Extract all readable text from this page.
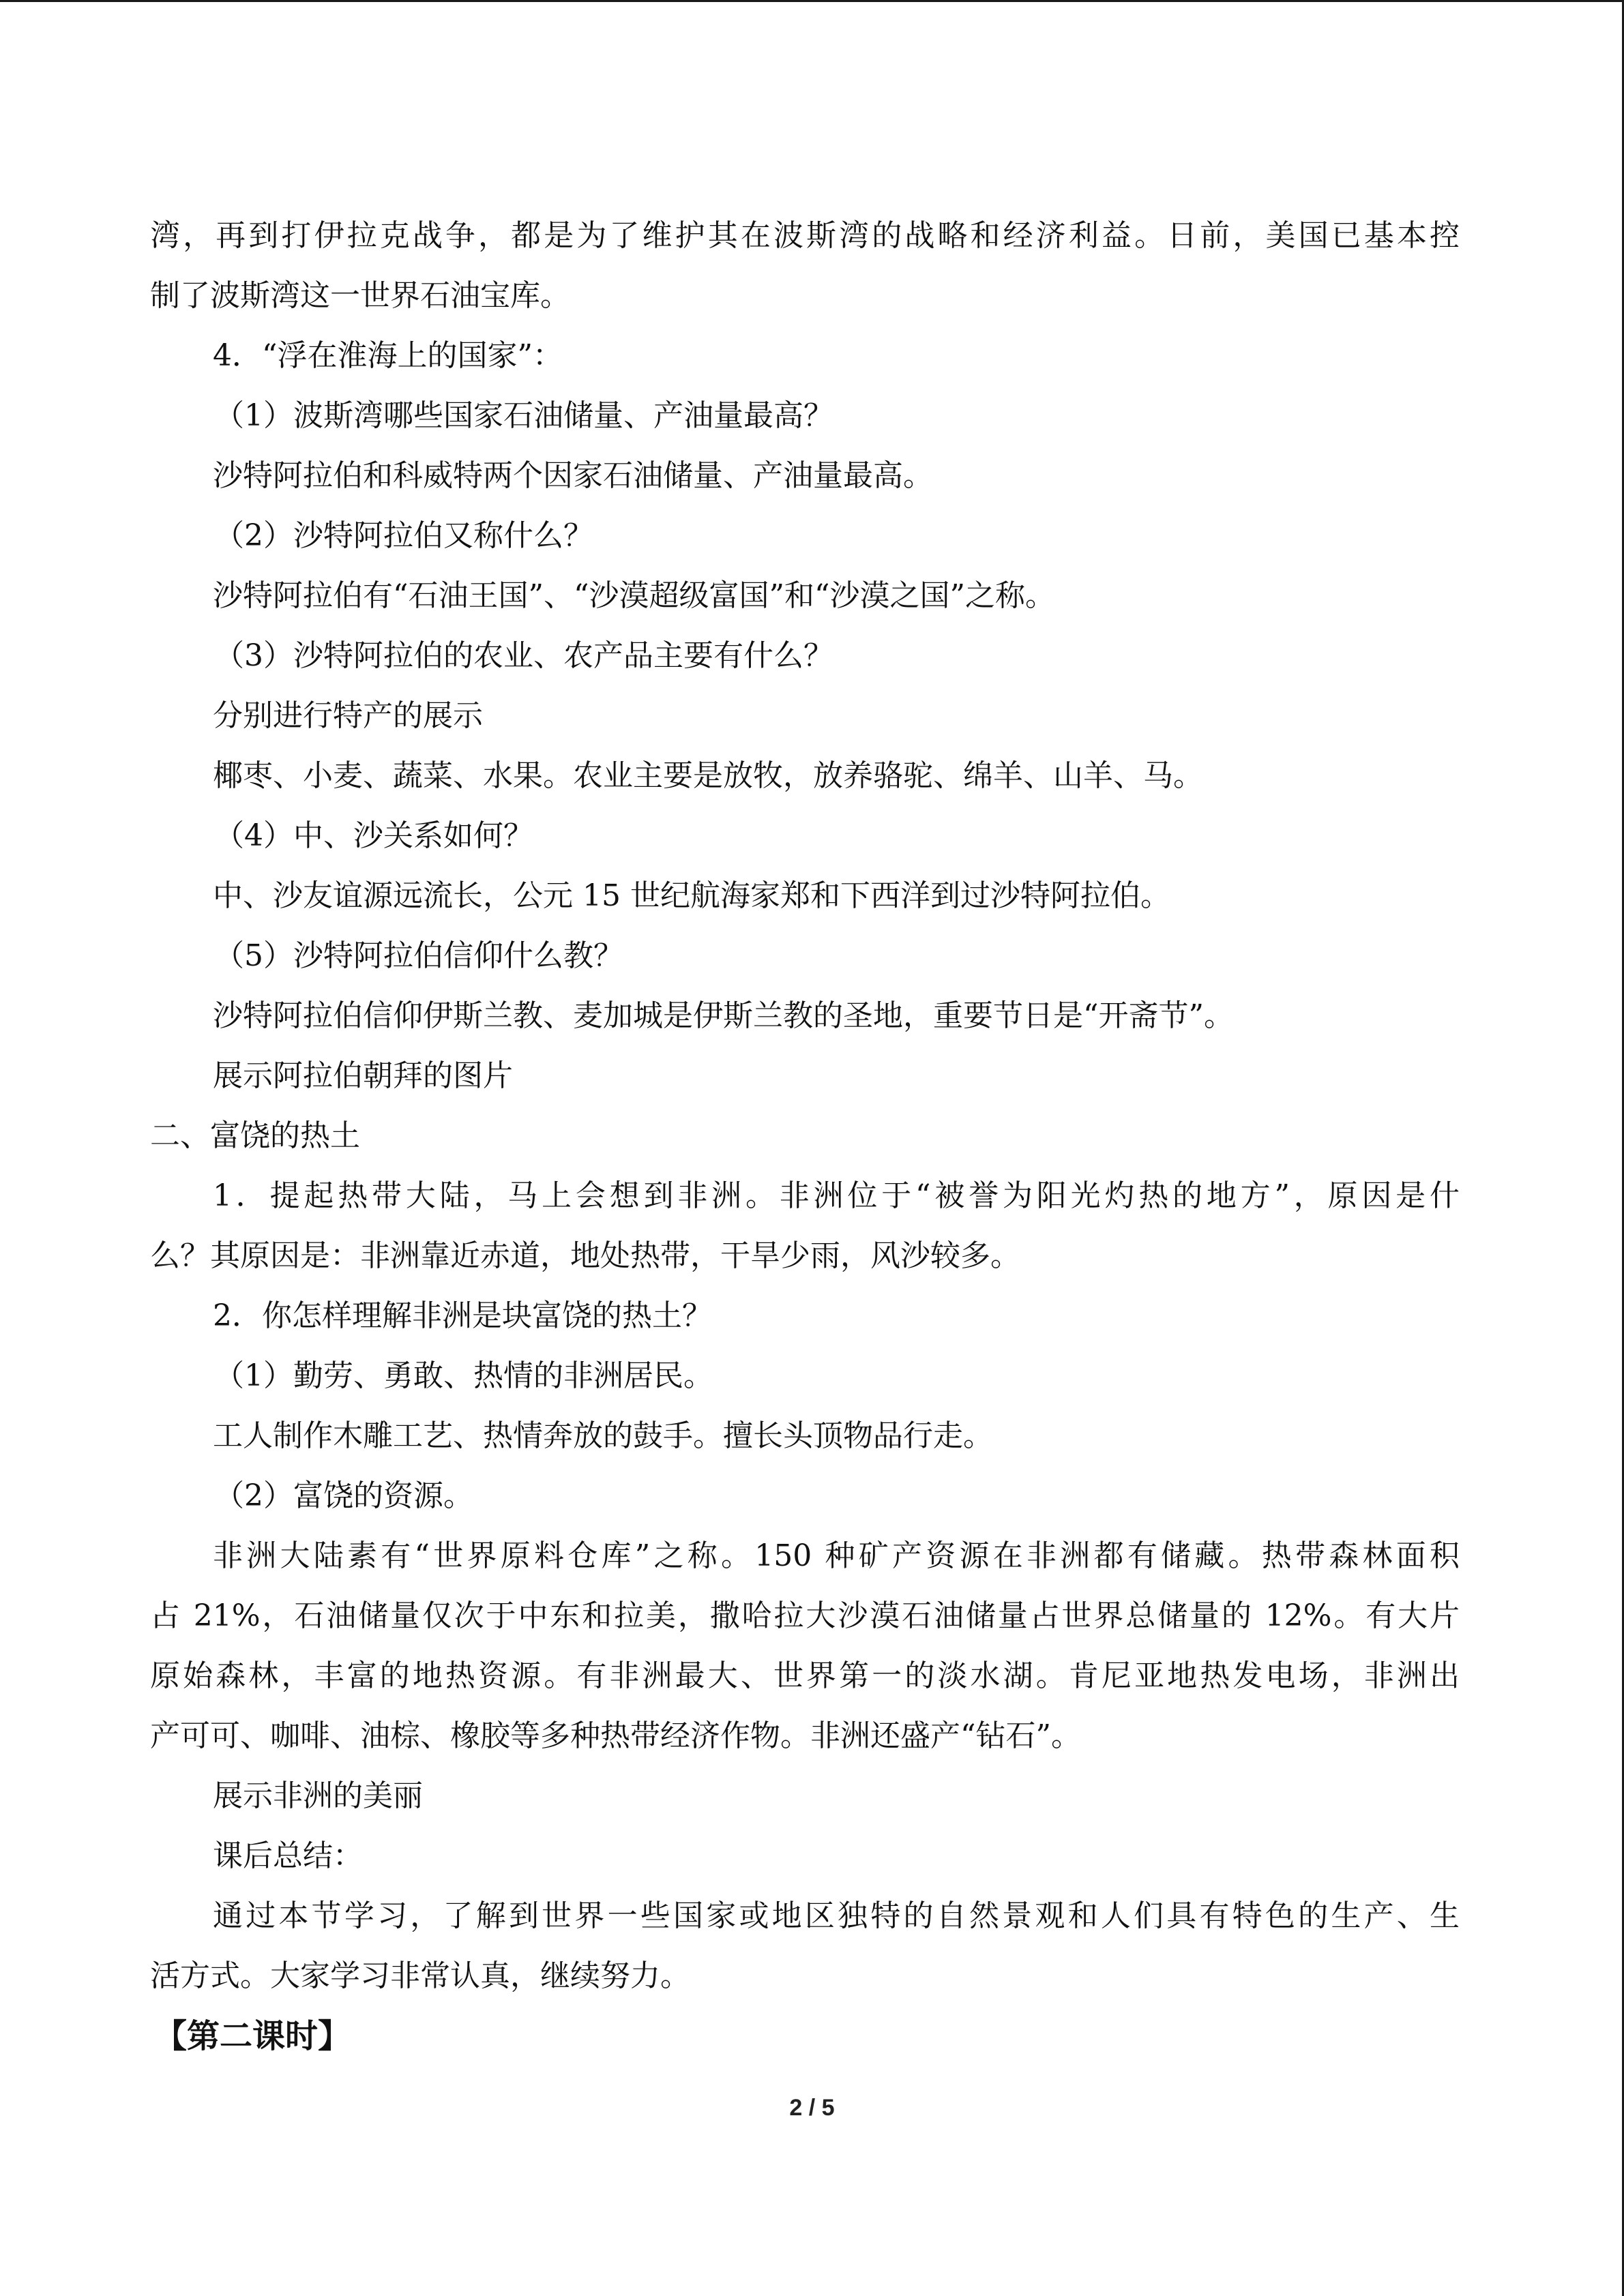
湾，再到打伊拉克战争，都是为了维护其在波斯湾的战略和经济利益。日前，美国已基本控
制了波斯湾这一世界石油宝库。
4．“浮在淮海上的国家”：
（1）波斯湾哪些国家石油储量、产油量最高？
沙特阿拉伯和科威特两个因家石油储量、产油量最高。
（2）沙特阿拉伯又称什么？
沙特阿拉伯有“石油王国”、“沙漠超级富国”和“沙漠之国”之称。
（3）沙特阿拉伯的农业、农产品主要有什么？
分别进行特产的展示
椰枣、小麦、蔬菜、水果。农业主要是放牧，放养骆驼、绵羊、山羊、马。
（4）中、沙关系如何？
中、沙友谊源远流长，公元 15 世纪航海家郑和下西洋到过沙特阿拉伯。
（5）沙特阿拉伯信仰什么教？
沙特阿拉伯信仰伊斯兰教、麦加城是伊斯兰教的圣地，重要节日是“开斋节”。
展示阿拉伯朝拜的图片
二、富饶的热土
1．提起热带大陆，马上会想到非洲。非洲位于“被誉为阳光灼热的地方”，原因是什
么？其原因是：非洲靠近赤道，地处热带，干旱少雨，风沙较多。
2．你怎样理解非洲是块富饶的热土？
（1）勤劳、勇敢、热情的非洲居民。
工人制作木雕工艺、热情奔放的鼓手。擅长头顶物品行走。
（2）富饶的资源。
非洲大陆素有“世界原料仓库”之称。150 种矿产资源在非洲都有储藏。热带森林面积
占 21%，石油储量仅次于中东和拉美，撒哈拉大沙漠石油储量占世界总储量的 12%。有大片
原始森林，丰富的地热资源。有非洲最大、世界第一的淡水湖。肯尼亚地热发电场，非洲出
产可可、咖啡、油棕、橡胶等多种热带经济作物。非洲还盛产“钻石”。
展示非洲的美丽
课后总结：
通过本节学习，了解到世界一些国家或地区独特的自然景观和人们具有特色的生产、生
活方式。大家学习非常认真，继续努力。
【第二课时】
2 / 5
